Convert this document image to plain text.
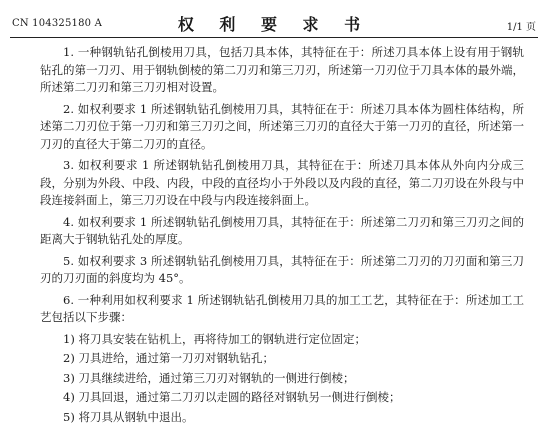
CN 104325180 A	权 利 要 求 书	1/1 页

1. 一种钢轨钻孔倒棱用刀具，包括刀具本体，其特征在于：所述刀具本体上设有用于钢轨钻孔的第一刀刃、用于钢轨倒棱的第二刀刃和第三刀刃，所述第一刀刃位于刀具本体的最外端，所述第二刀刃和第三刀刃相对设置。

2. 如权利要求 1 所述钢轨钻孔倒棱用刀具，其特征在于：所述刀具本体为圆柱体结构，所述第二刀刃位于第一刀刃和第三刀刃之间，所述第三刀刃的直径大于第一刀刃的直径，所述第一刀刃的直径大于第二刀刃的直径。

3. 如权利要求 1 所述钢轨钻孔倒棱用刀具，其特征在于：所述刀具本体从外向内分成三段，分别为外段、中段、内段，中段的直径均小于外段以及内段的直径，第二刀刃设在外段与中段连接斜面上，第三刀刃设在中段与内段连接斜面上。

4. 如权利要求 1 所述钢轨钻孔倒棱用刀具，其特征在于：所述第二刀刃和第三刀刃之间的距离大于钢轨钻孔处的厚度。

5. 如权利要求 3 所述钢轨钻孔倒棱用刀具，其特征在于：所述第二刀刃的刀刃面和第三刀刃的刀刃面的斜度均为 45°。

6. 一种利用如权利要求 1 所述钢轨钻孔倒棱用刀具的加工工艺，其特征在于：所述加工工艺包括以下步骤：

1) 将刀具安装在钻机上，再将待加工的钢轨进行定位固定；
2) 刀具进给，通过第一刀刃对钢轨钻孔；
3) 刀具继续进给，通过第三刀刃对钢轨的一侧进行倒棱；
4) 刀具回退，通过第二刀刃以走圆的路径对钢轨另一侧进行倒棱；
5) 将刀具从钢轨中退出。
